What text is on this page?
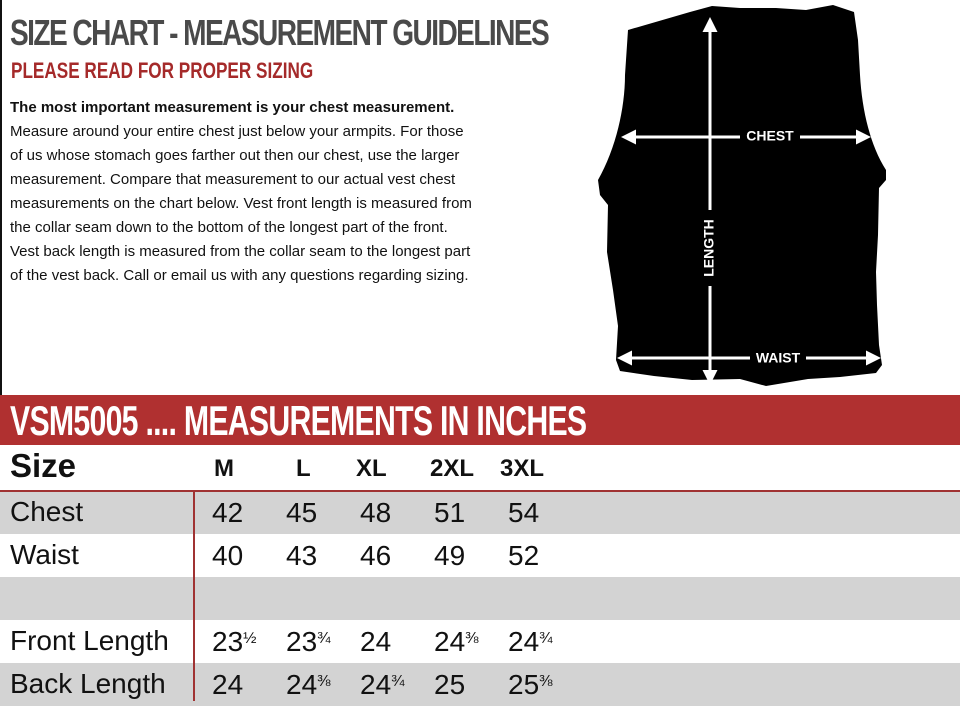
SIZE CHART - MEASUREMENT GUIDELINES
PLEASE READ FOR PROPER SIZING

The most important measurement is your chest measurement.

Measure around your entire chest just below your armpits. For those

of us whose stomach goes farther out then our chest, use the larger

measurement. Compare that measurement to our actual vest chest

measurements on the chart below. Vest front length is measured from

the collar seam down to the bottom of the longest part of the front.

Vest back length is measured from the collar seam to the longest part

of the vest back. Call or email us with any questions regarding sizing.	LENGTH
CHEST
WAIST
VSM5005 .... MEASUREMENTS IN INCHES
Size	M	L XL 2XL 3XL
Chest	42 45 48 51 54
Waist	40 43 46 49 52
Front Length $23^{\frac{1}{2}}$ $23^{\frac{3}{4}}$ 24 $24^{\frac{3}{8}}$ $24^{\frac{3}{4}}$
Back Length 24 $24^{\frac{3}{8}}$ $24^{\frac{3}{4}}$ 25 $25^{\frac{3}{8}}$
